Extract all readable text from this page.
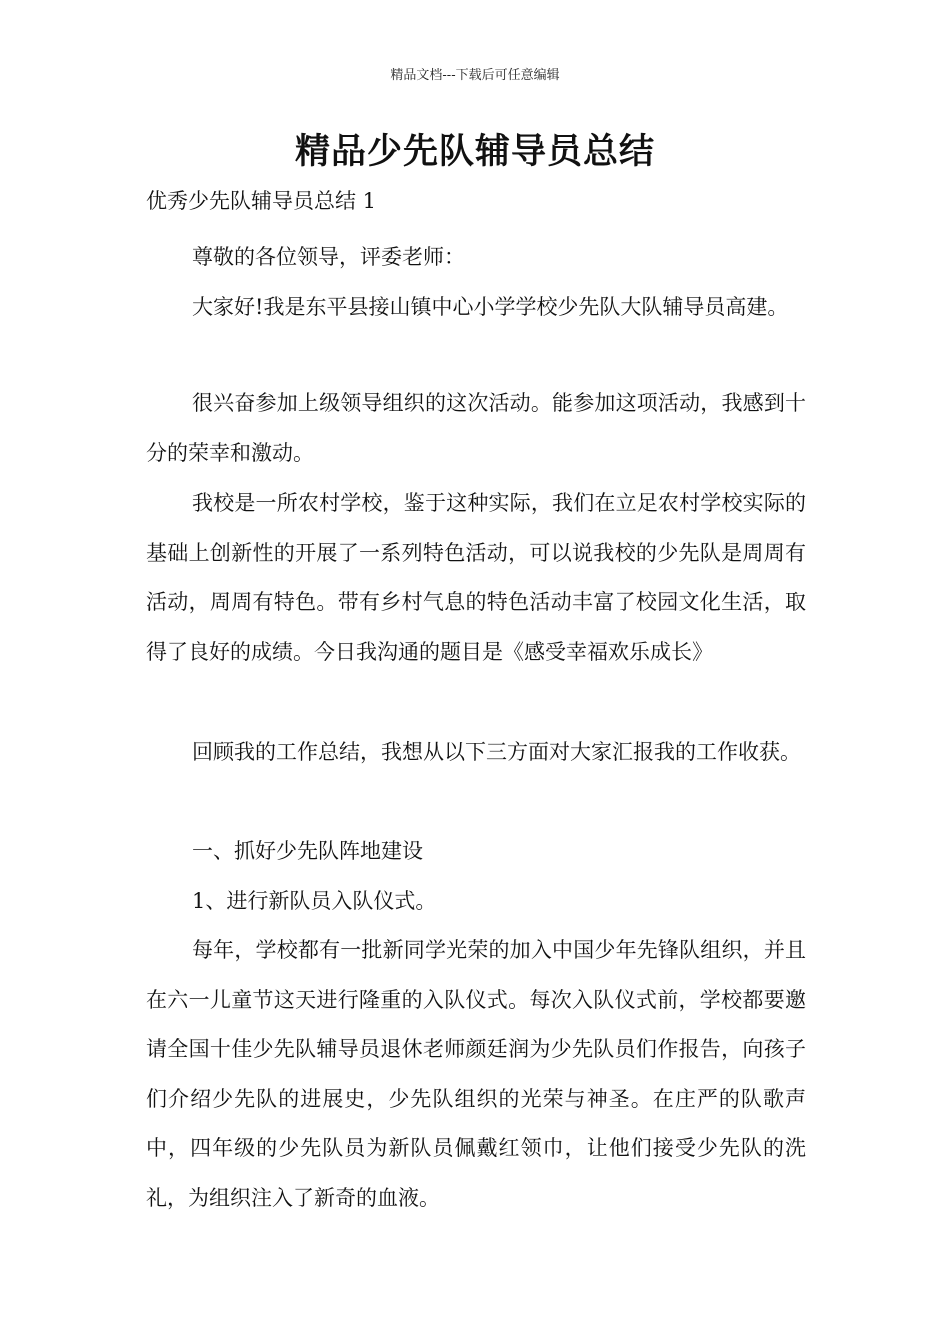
精品文档---下载后可任意编辑
精品少先队辅导员总结

优秀少先队辅导员总结 1

尊敬的各位领导，评委老师：

大家好!我是东平县接山镇中心小学学校少先队大队辅导员高建。

很兴奋参加上级领导组织的这次活动。能参加这项活动，我感到十分的荣幸和激动。

我校是一所农村学校，鉴于这种实际，我们在立足农村学校实际的基础上创新性的开展了一系列特色活动，可以说我校的少先队是周周有活动，周周有特色。带有乡村气息的特色活动丰富了校园文化生活，取得了良好的成绩。今日我沟通的题目是《感受幸福欢乐成长》

回顾我的工作总结，我想从以下三方面对大家汇报我的工作收获。

一、抓好少先队阵地建设

1、进行新队员入队仪式。

每年，学校都有一批新同学光荣的加入中国少年先锋队组织，并且在六一儿童节这天进行隆重的入队仪式。每次入队仪式前，学校都要邀请全国十佳少先队辅导员退休老师颜廷润为少先队员们作报告，向孩子们介绍少先队的进展史，少先队组织的光荣与神圣。在庄严的队歌声中，四年级的少先队员为新队员佩戴红领巾，让他们接受少先队的洗礼，为组织注入了新奇的血液。
